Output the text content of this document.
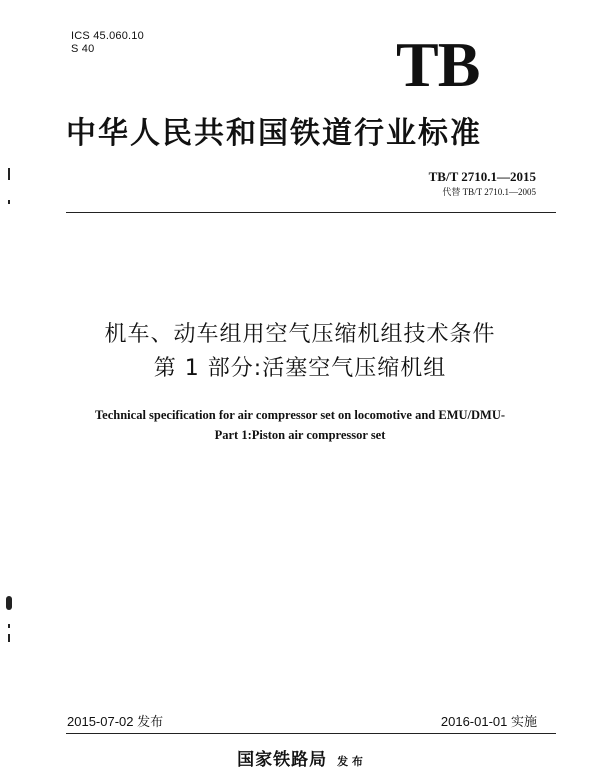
ICS 45.060.10
S 40	TB
中华人民共和国铁道行业标准
TB/T 2710.1—2015
代替 TB/T 2710.1—2005
机车、动车组用空气压缩机组技术条件
第 1 部分:活塞空气压缩机组
Technical specification for air compressor set on locomotive and EMU/DMU-
Part 1:Piston air compressor set
2015-07-02 发布	2016-01-01 实施
国家铁路局 发 布
